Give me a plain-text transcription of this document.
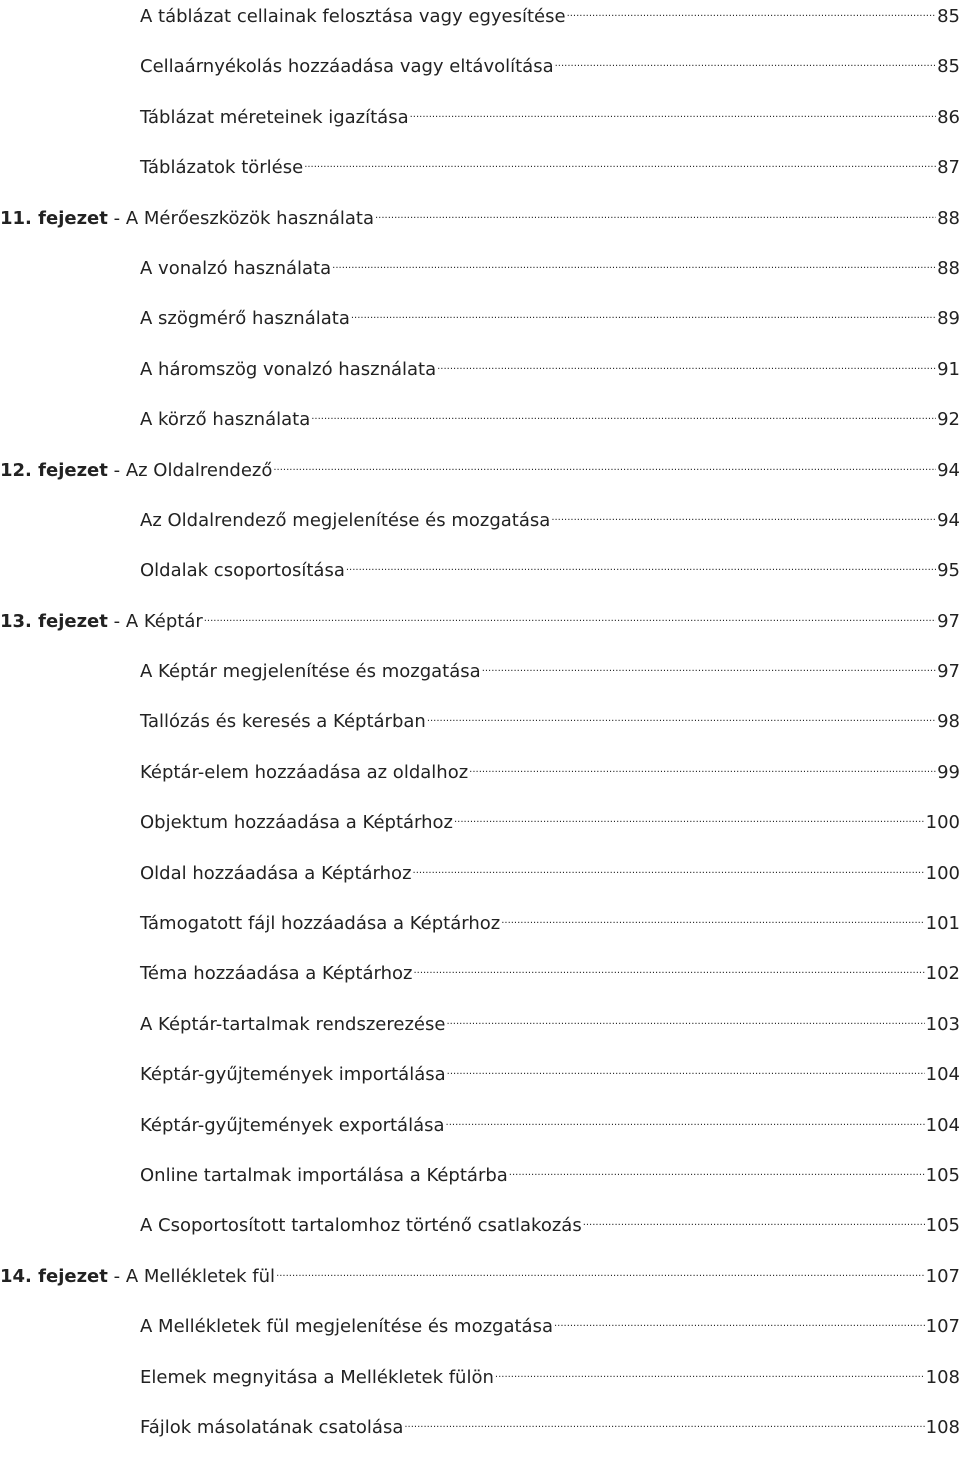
A táblázat cellainak felosztása vagy egyesítése .....	85
Cellaárnyékolás hozzáadása vagy eltávolítása .....	85
Táblázat méreteinek igazítása .....	86
Táblázatok törlése .....	87
11. fejezet - A Mérőeszközök használata .....	88
A vonalzó használata .....	88
A szögmérő használata .....	89
A háromszög vonalzó használata .....	91
A körző használata .....	92
12. fejezet - Az Oldalrendező .....	94
Az Oldalrendező megjelenítése és mozgatása .....	94
Oldalak csoportosítása .....	95
13. fejezet - A Képtár .....	97
A Képtár megjelenítése és mozgatása .....	97
Tallózás és keresés a Képtárban .....	98
Képtár-elem hozzáadása az oldalhoz .....	99
Objektum hozzáadása a Képtárhoz .....	100
Oldal hozzáadása a Képtárhoz .....	100
Támogatott fájl hozzáadása a Képtárhoz .....	101
Téma hozzáadása a Képtárhoz .....	102
A Képtár-tartalmak rendszerezése .....	103
Képtár-gyűjtemények importálása .....	104
Képtár-gyűjtemények exportálása .....	104
Online tartalmak importálása a Képtárba .....	105
A Csoportosított tartalomhoz történő csatlakozás .....	105
14. fejezet - A Mellékletek fül .....	107
A Mellékletek fül megjelenítése és mozgatása .....	107
Elemek megnyitása a Mellékletek fülön .....	108
Fájlok másolatának csatolása .....	108
